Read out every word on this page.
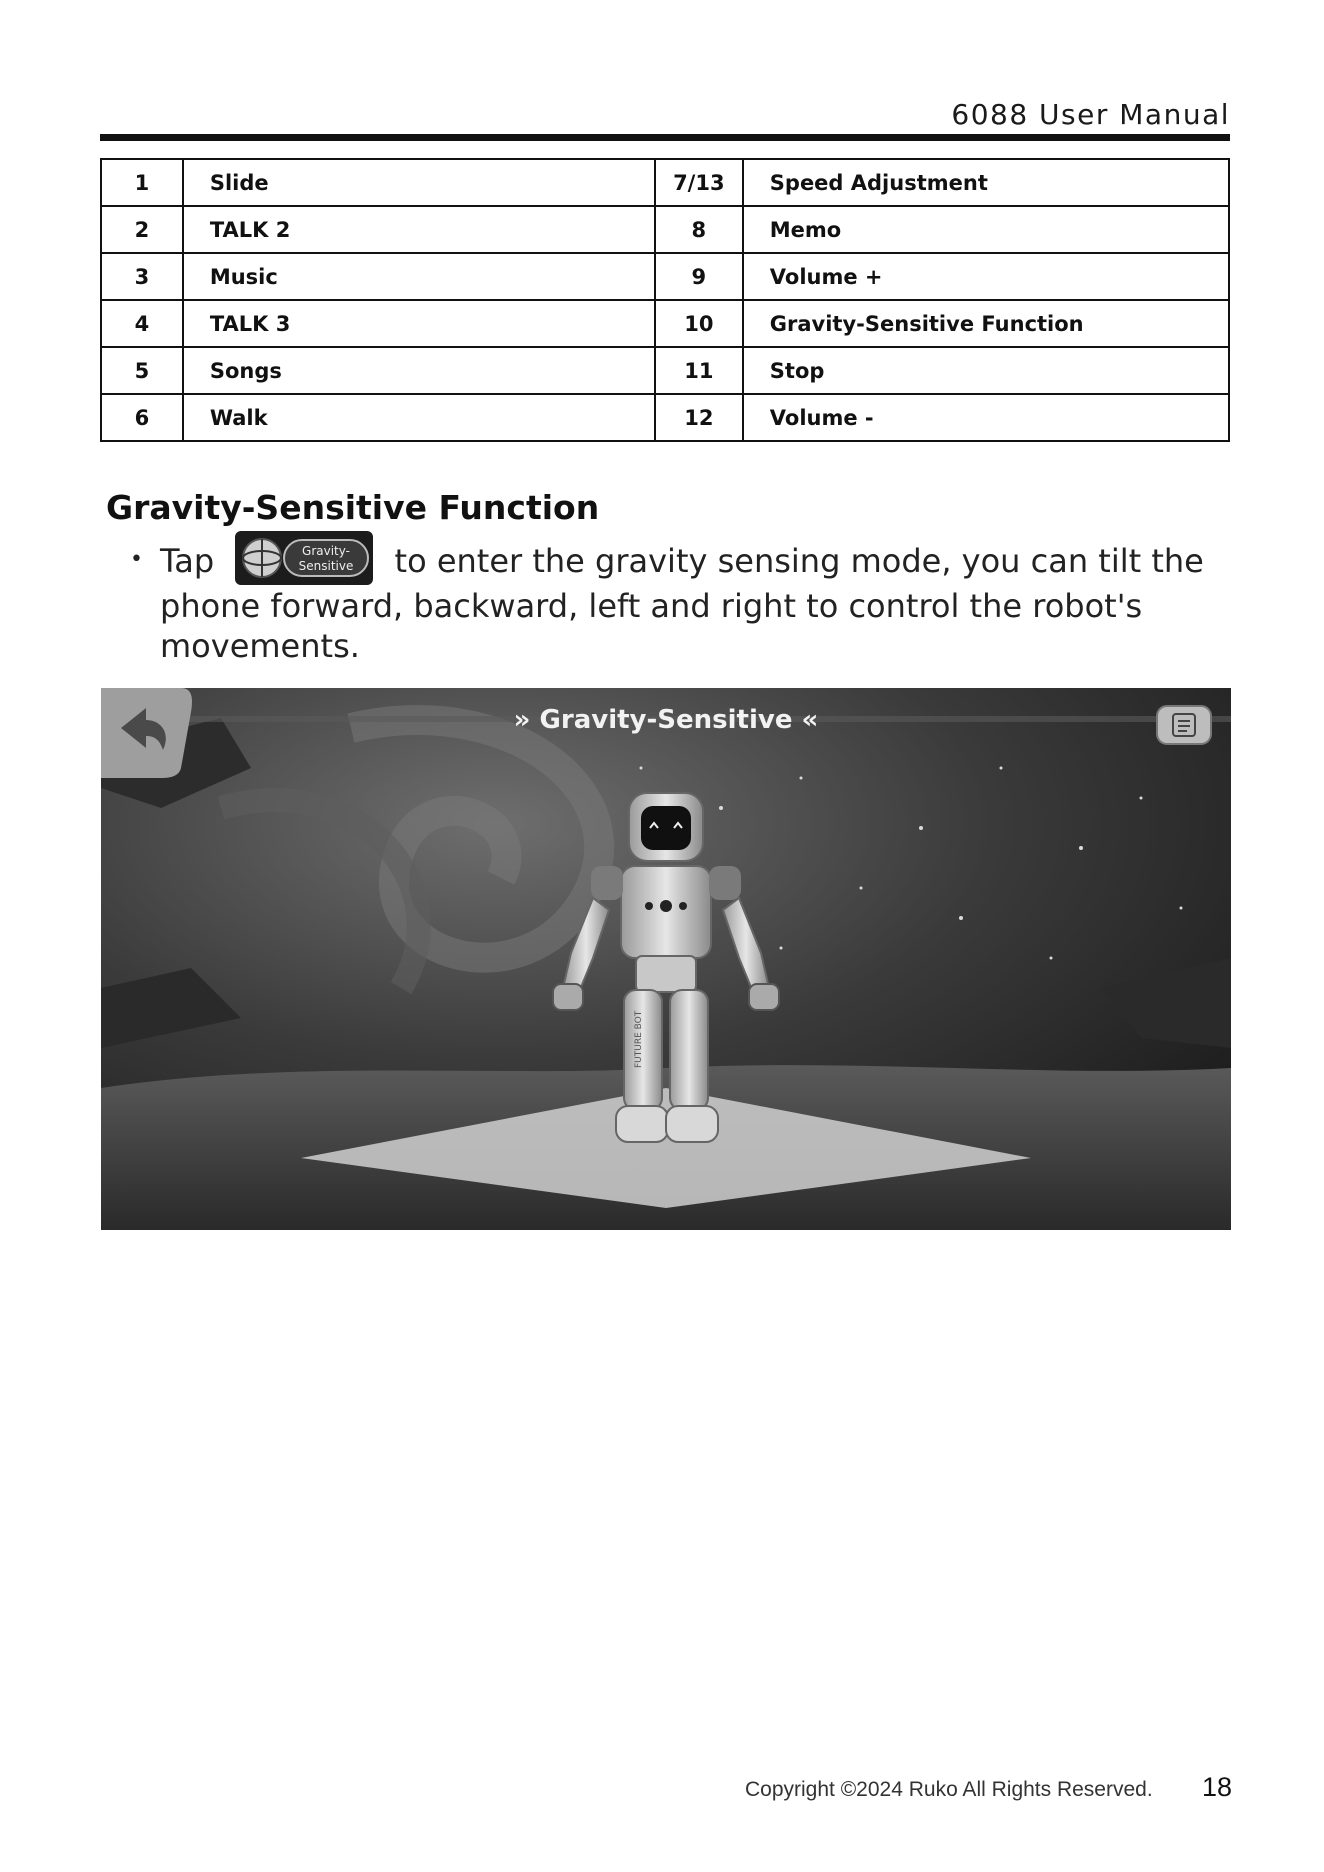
6088 User Manual
1	Slide	7/13	Speed Adjustment
2	TALK 2	8	Memo
3	Music	9	Volume +
4	TALK 3	10	Gravity-Sensitive Function
5	Songs	11	Stop
6	Walk	12	Volume -
Gravity-Sensitive Function
• Tap	Gravity-
Sensitive to enter the gravity sensing mode, you can tilt the phone forward, backward, left and right to control the robot's movements.
» Gravity-Sensitive «
FUTURE BOT
Copyright ©2024 Ruko All Rights Reserved. 18
